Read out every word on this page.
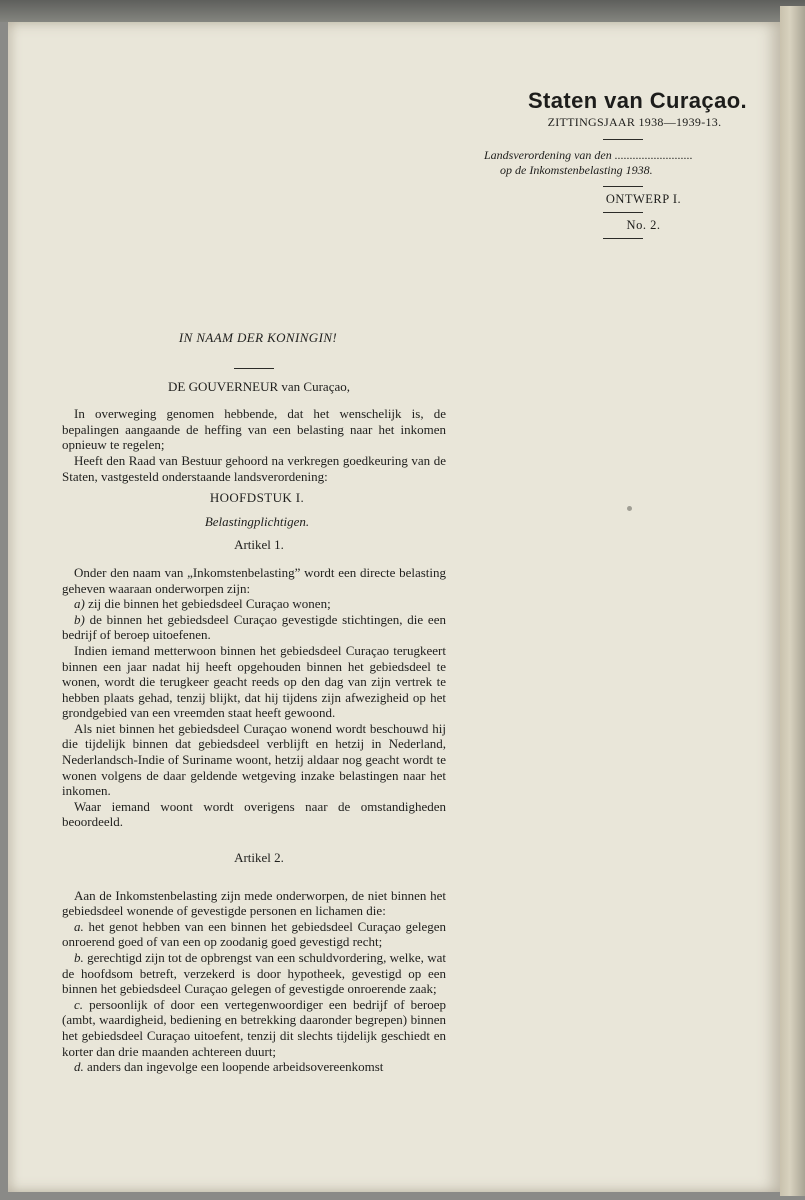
Staten van Curaçao.
ZITTINGSJAAR 1938—1939-13.
Landsverordening van den ..........................
op de Inkomstenbelasting 1938.
ONTWERP I.
No. 2.

IN NAAM DER KONINGIN!

DE GOUVERNEUR van Curaçao,

In overweging genomen hebbende, dat het wenschelijk is, de bepalingen aangaande de heffing van een belasting naar het inkomen opnieuw te regelen;

Heeft den Raad van Bestuur gehoord na verkregen goedkeuring van de Staten, vastgesteld onderstaande landsverordening:

HOOFDSTUK I.

Belastingplichtigen.

Artikel 1.

Onder den naam van „Inkomstenbelasting” wordt een directe belasting geheven waaraan onderworpen zijn:

a) zij die binnen het gebiedsdeel Curaçao wonen;

b) de binnen het gebiedsdeel Curaçao gevestigde stichtingen, die een bedrijf of beroep uitoefenen.

Indien iemand metterwoon binnen het gebiedsdeel Curaçao terugkeert binnen een jaar nadat hij heeft opgehouden binnen het gebiedsdeel te wonen, wordt die terugkeer geacht reeds op den dag van zijn vertrek te hebben plaats gehad, tenzij blijkt, dat hij tijdens zijn afwezigheid op het grondgebied van een vreemden staat heeft gewoond.

Als niet binnen het gebiedsdeel Curaçao wonend wordt beschouwd hij die tijdelijk binnen dat gebiedsdeel verblijft en hetzij in Nederland, Nederlandsch-Indie of Suriname woont, hetzij aldaar nog geacht wordt te wonen volgens de daar geldende wetgeving inzake belastingen naar het inkomen.

Waar iemand woont wordt overigens naar de omstandigheden beoordeeld.

Artikel 2.

Aan de Inkomstenbelasting zijn mede onderworpen, de niet binnen het gebiedsdeel wonende of gevestigde personen en lichamen die:

a. het genot hebben van een binnen het gebiedsdeel Curaçao gelegen onroerend goed of van een op zoodanig goed gevestigd recht;

b. gerechtigd zijn tot de opbrengst van een schuldvordering, welke, wat de hoofdsom betreft, verzekerd is door hypotheek, gevestigd op een binnen het gebiedsdeel Curaçao gelegen of gevestigde onroerende zaak;

c. persoonlijk of door een vertegenwoordiger een bedrijf of beroep (ambt, waardigheid, bediening en betrekking daaronder begrepen) binnen het gebiedsdeel Curaçao uitoefent, tenzij dit slechts tijdelijk geschiedt en korter dan drie maanden achtereen duurt;

d. anders dan ingevolge een loopende arbeidsovereenkomst
